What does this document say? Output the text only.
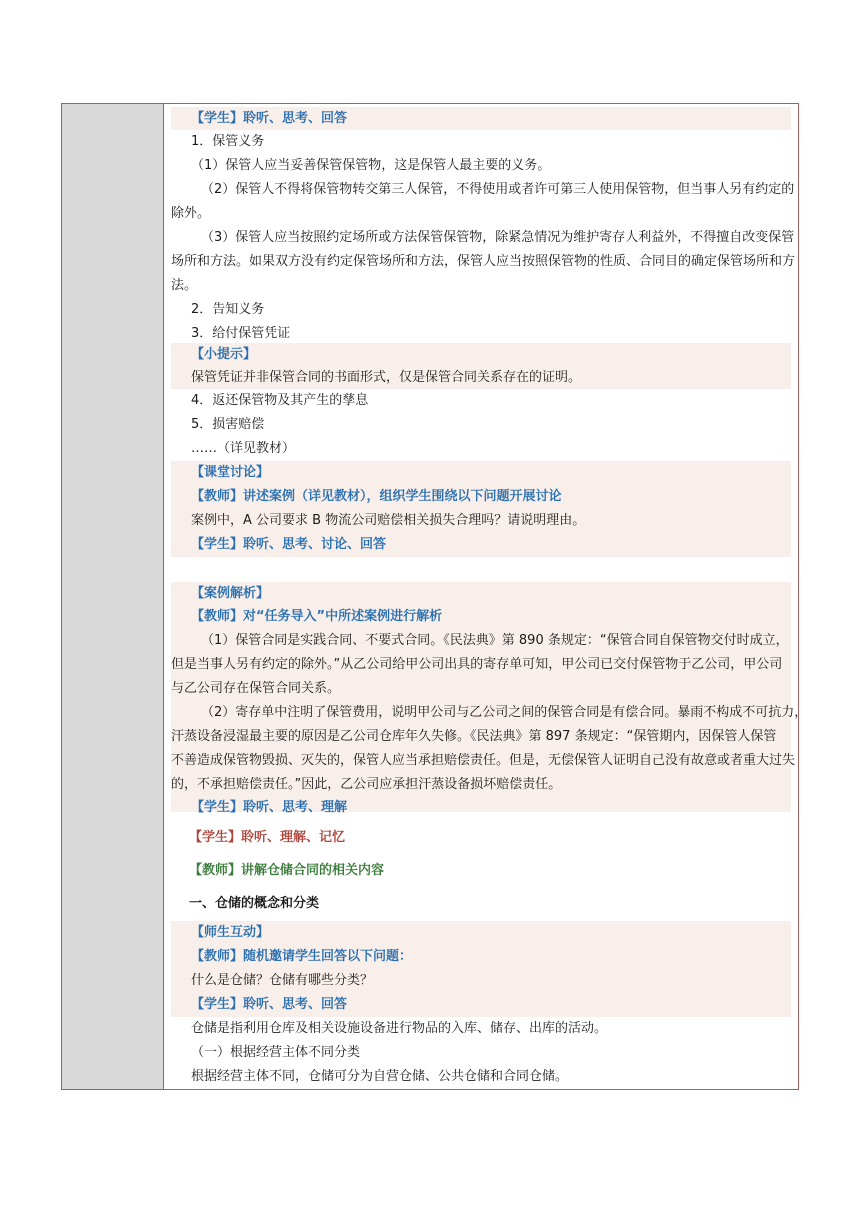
【学生】聆听、思考、回答
1．保管义务
（1）保管人应当妥善保管保管物，这是保管人最主要的义务。
（2）保管人不得将保管物转交第三人保管，不得使用或者许可第三人使用保管物，但当事人另有约定的
除外。
（3）保管人应当按照约定场所或方法保管保管物，除紧急情况为维护寄存人利益外，不得擅自改变保管
场所和方法。如果双方没有约定保管场所和方法，保管人应当按照保管物的性质、合同目的确定保管场所和方
法。
2．告知义务
3．给付保管凭证
【小提示】
保管凭证并非保管合同的书面形式，仅是保管合同关系存在的证明。
4．返还保管物及其产生的孳息
5．损害赔偿
……（详见教材）
【课堂讨论】
【教师】讲述案例（详见教材），组织学生围绕以下问题开展讨论
案例中，A 公司要求 B 物流公司赔偿相关损失合理吗？请说明理由。
【学生】聆听、思考、讨论、回答
【案例解析】
【教师】对“任务导入”中所述案例进行解析
（1）保管合同是实践合同、不要式合同。《民法典》第 890 条规定：“保管合同自保管物交付时成立，
但是当事人另有约定的除外。”从乙公司给甲公司出具的寄存单可知，甲公司已交付保管物于乙公司，甲公司
与乙公司存在保管合同关系。
（2）寄存单中注明了保管费用，说明甲公司与乙公司之间的保管合同是有偿合同。暴雨不构成不可抗力，
汗蒸设备浸湿最主要的原因是乙公司仓库年久失修。《民法典》第 897 条规定：“保管期内，因保管人保管
不善造成保管物毁损、灭失的，保管人应当承担赔偿责任。但是，无偿保管人证明自己没有故意或者重大过失
的，不承担赔偿责任。”因此，乙公司应承担汗蒸设备损坏赔偿责任。
【学生】聆听、思考、理解
【学生】聆听、理解、记忆
【教师】讲解仓储合同的相关内容
一、仓储的概念和分类
【师生互动】
【教师】随机邀请学生回答以下问题：
什么是仓储？仓储有哪些分类？
【学生】聆听、思考、回答
仓储是指利用仓库及相关设施设备进行物品的入库、储存、出库的活动。
（一）根据经营主体不同分类
根据经营主体不同，仓储可分为自营仓储、公共仓储和合同仓储。
